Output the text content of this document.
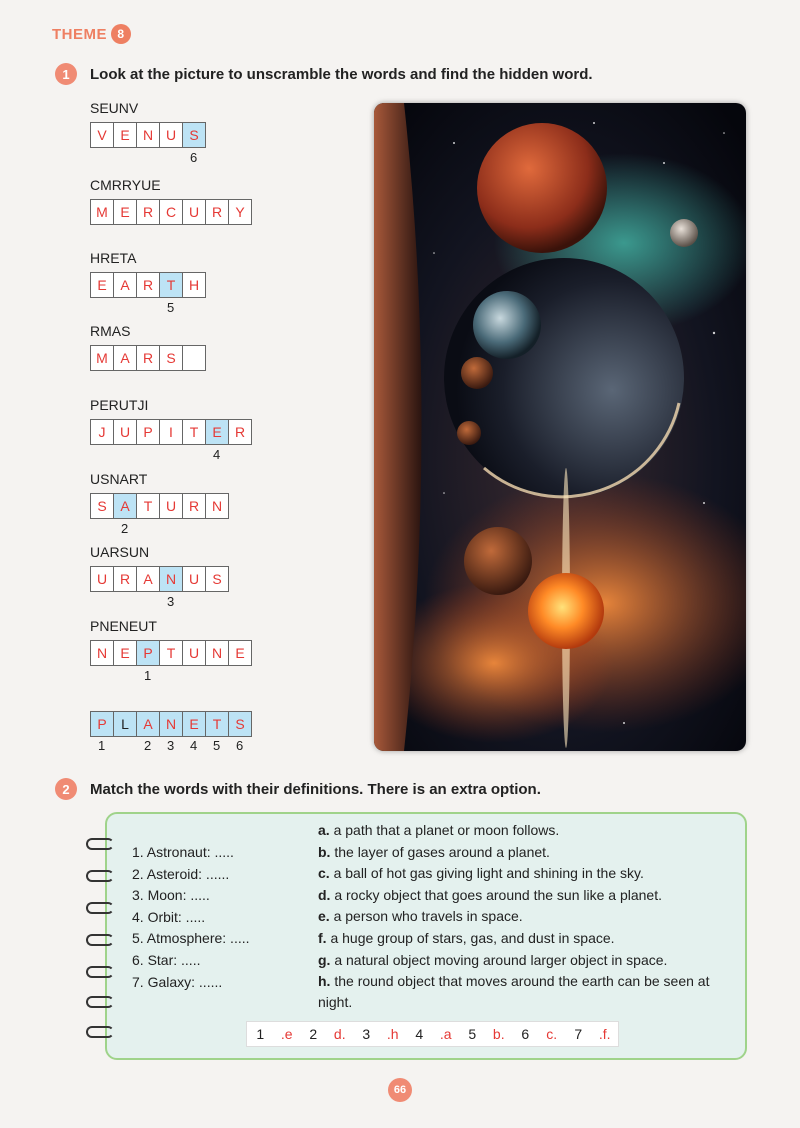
THEME 8
1	Look at the picture to unscramble the words and find the hidden word.
SEUNV
V E N U S
6
CMRRYUE
M E R C U R Y
HRETA
E A R T H
5
RMAS
M A R S
PERUTJI
J	U P	I	T	E R
4
USNART
S A	T U R N
2
UARSUN
U R A N U S
3
PNENEUT
N E P	T U N E
1
P	L	A N E	T	S
1	2 3 4 5 6
2	Match the words with their definitions. There is an extra option.
1. Astronaut: .....
2. Asteroid: ......
3. Moon: .....
4. Orbit: .....
5. Atmosphere: .....
6. Star: .....
7. Galaxy: ......
a. a path that a planet or moon follows.
b. the layer of gases around a planet.
c. a ball of hot gas giving light and shining in the sky.
d. a rocky object that goes around the sun like a planet.
e. a person who travels in space.
f. a huge group of stars, gas, and dust in space.
g. a natural object moving around larger object in space.
h. the round object that moves around the earth can be seen at night.
1	.e	2	d.	3	.h	4	.a	5	b.	6	c.	7	.f.
66
